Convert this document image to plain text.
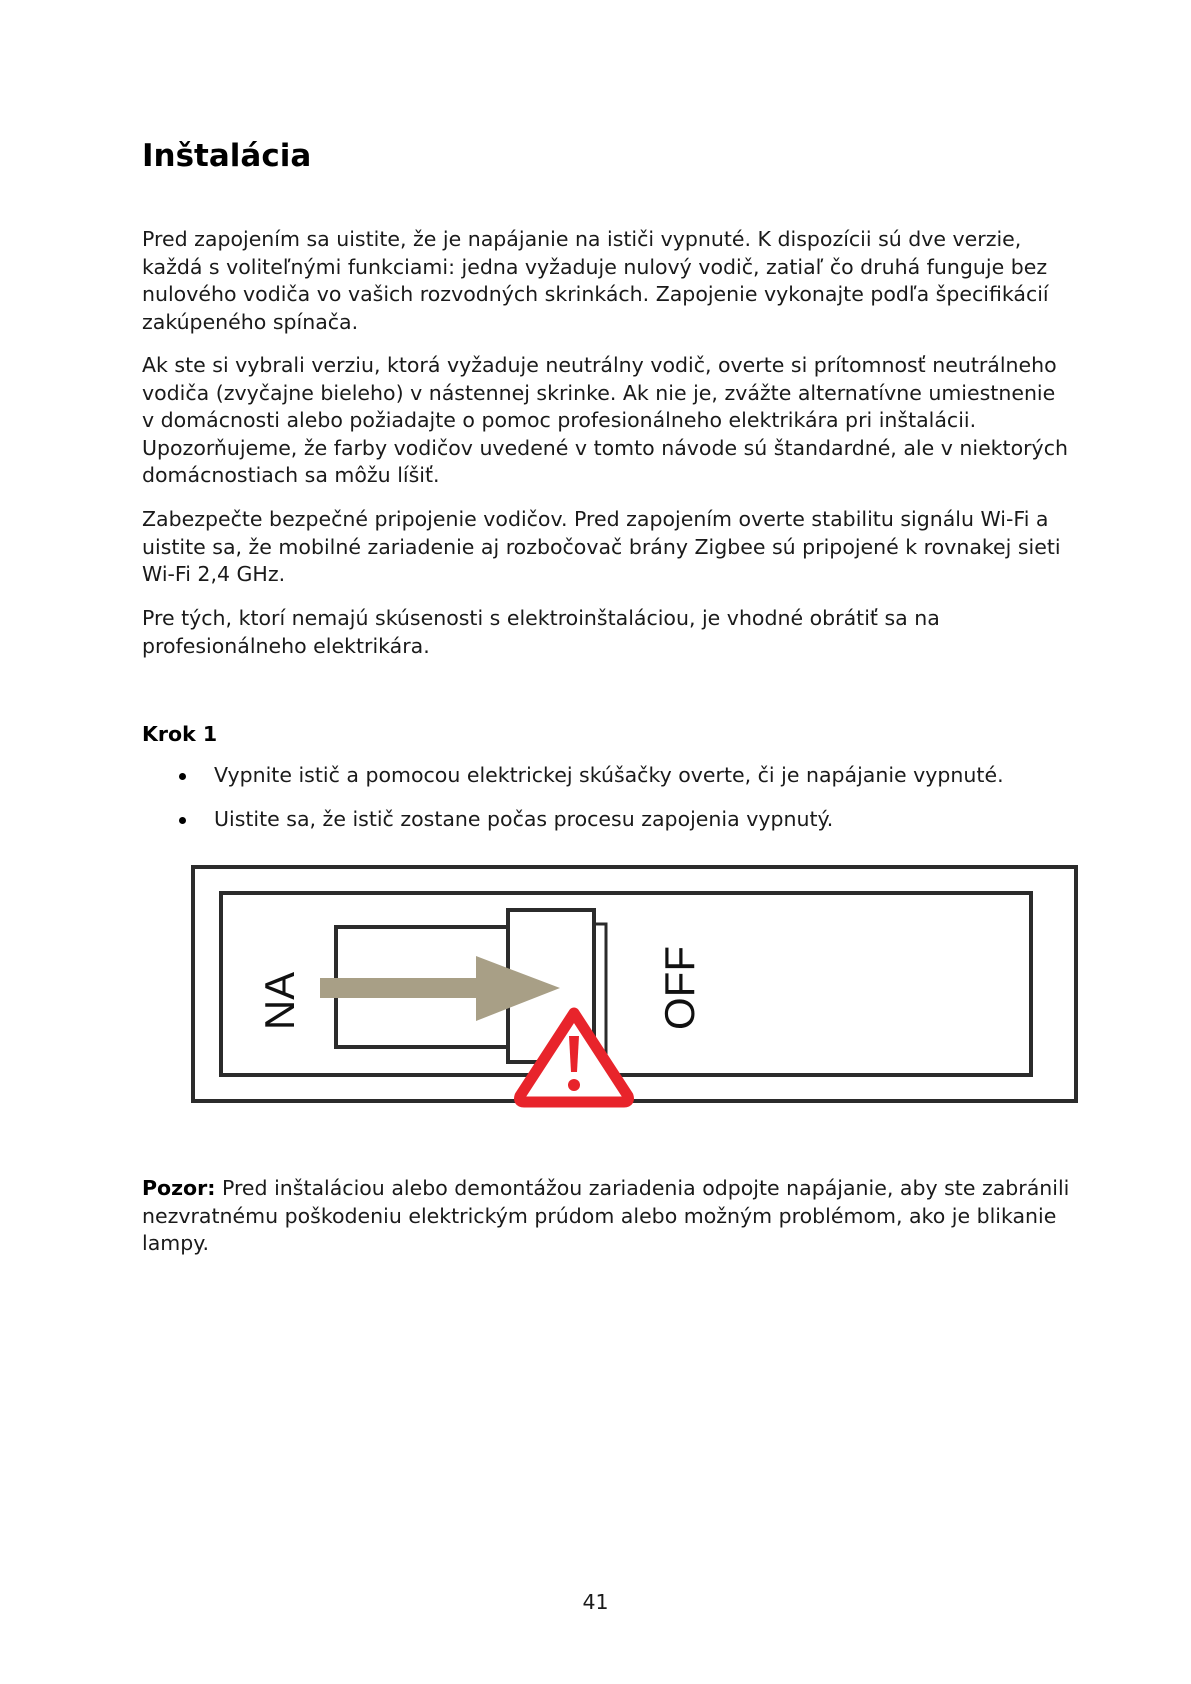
Inštalácia

Pred zapojením sa uistite, že je napájanie na ističi vypnuté. K dispozícii sú dve verzie, každá s voliteľnými funkciami: jedna vyžaduje nulový vodič, zatiaľ čo druhá funguje bez nulového vodiča vo vašich rozvodných skrinkách. Zapojenie vykonajte podľa špecifikácií zakúpeného spínača.

Ak ste si vybrali verziu, ktorá vyžaduje neutrálny vodič, overte si prítomnosť neutrálneho vodiča (zvyčajne bieleho) v nástennej skrinke. Ak nie je, zvážte alternatívne umiestnenie v domácnosti alebo požiadajte o pomoc profesionálneho elektrikára pri inštalácii. Upozorňujeme, že farby vodičov uvedené v tomto návode sú štandardné, ale v niektorých domácnostiach sa môžu líšiť.

Zabezpečte bezpečné pripojenie vodičov. Pred zapojením overte stabilitu signálu Wi-Fi a uistite sa, že mobilné zariadenie aj rozbočovač brány Zigbee sú pripojené k rovnakej sieti Wi-Fi 2,4 GHz.

Pre tých, ktorí nemajú skúsenosti s elektroinštaláciou, je vhodné obrátiť sa na profesionálneho elektrikára.

Krok 1
Vypnite istič a pomocou elektrickej skúšačky overte, či je napájanie vypnuté.
Uistite sa, že istič zostane počas procesu zapojenia vypnutý.
NA	OFF

Pozor: Pred inštaláciou alebo demontážou zariadenia odpojte napájanie, aby ste zabránili nezvratnému poškodeniu elektrickým prúdom alebo možným problémom, ako je blikanie lampy.

41
